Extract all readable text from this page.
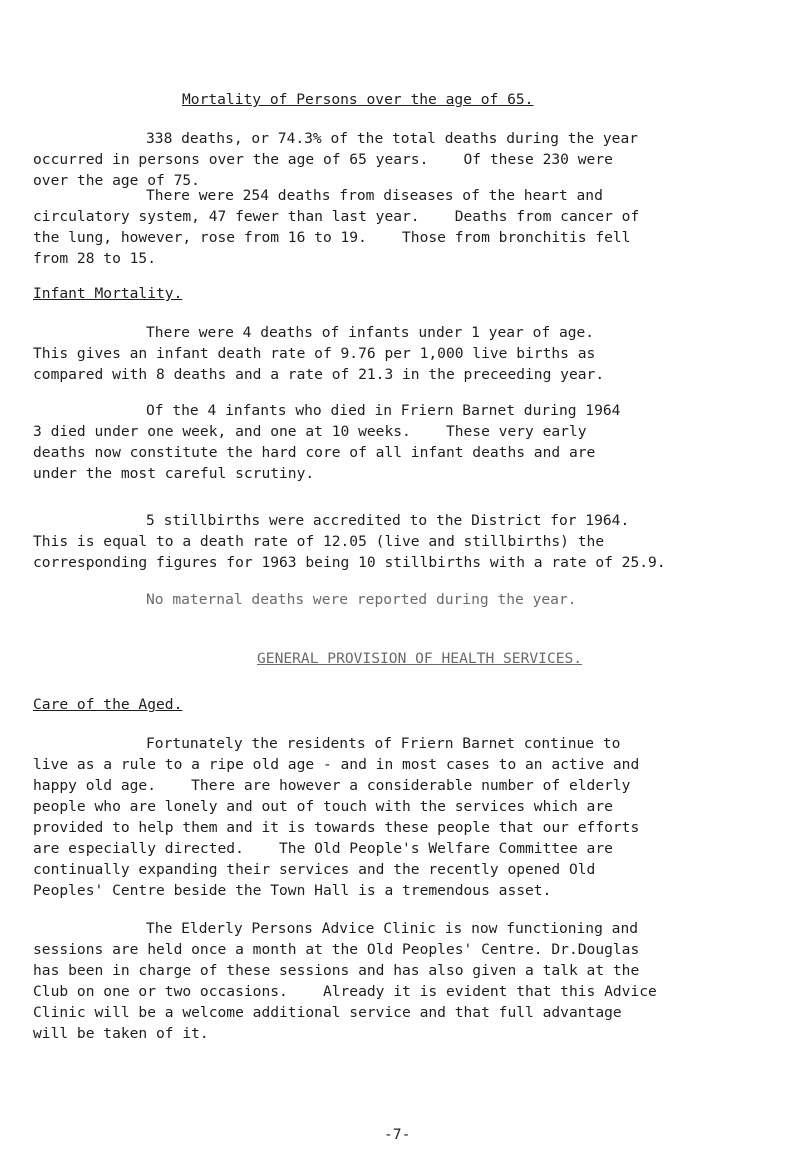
Mortality of Persons over the age of 65.

338 deaths, or 74.3% of the total deaths during the year
occurred in persons over the age of 65 years.    Of these 230 were
over the age of 75.

There were 254 deaths from diseases of the heart and
circulatory system, 47 fewer than last year.    Deaths from cancer of
the lung, however, rose from 16 to 19.    Those from bronchitis fell
from 28 to 15.

Infant Mortality.

There were 4 deaths of infants under 1 year of age.
This gives an infant death rate of 9.76 per 1,000 live births as
compared with 8 deaths and a rate of 21.3 in the preceeding year.

Of the 4 infants who died in Friern Barnet during 1964
3 died under one week, and one at 10 weeks.    These very early
deaths now constitute the hard core of all infant deaths and are
under the most careful scrutiny.

5 stillbirths were accredited to the District for 1964.
This is equal to a death rate of 12.05 (live and stillbirths) the
corresponding figures for 1963 being 10 stillbirths with a rate of 25.9.

No maternal deaths were reported during the year.

GENERAL PROVISION OF HEALTH SERVICES.
Care of the Aged.

Fortunately the residents of Friern Barnet continue to
live as a rule to a ripe old age - and in most cases to an active and
happy old age.    There are however a considerable number of elderly
people who are lonely and out of touch with the services which are
provided to help them and it is towards these people that our efforts
are especially directed.    The Old People's Welfare Committee are
continually expanding their services and the recently opened Old
Peoples' Centre beside the Town Hall is a tremendous asset.

The Elderly Persons Advice Clinic is now functioning and
sessions are held once a month at the Old Peoples' Centre. Dr.Douglas
has been in charge of these sessions and has also given a talk at the
Club on one or two occasions.    Already it is evident that this Advice
Clinic will be a welcome additional service and that full advantage
will be taken of it.

-7-
